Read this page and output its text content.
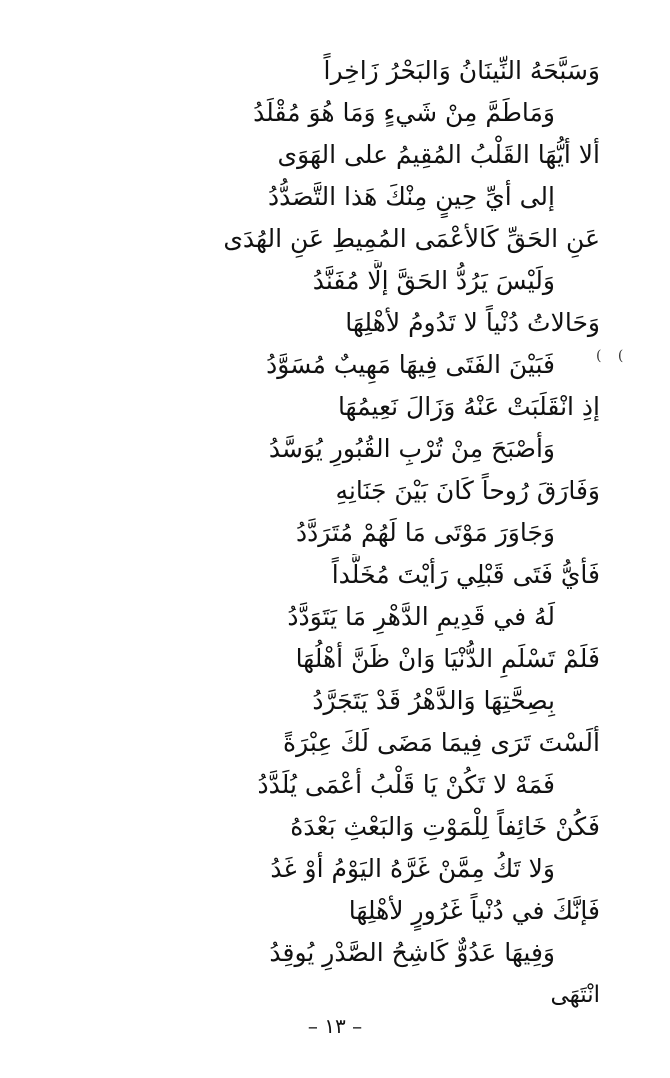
وَسَبَّحَهُ النِّينَانُ وَالبَحْرُ زَاخِراً
وَمَاطَمَّ مِنْ شَيءٍ وَمَا هُوَ مُقْلَدُ
ألا أيُّهَا القَلْبُ المُقِيمُ على الهَوَى
إلى أيِّ حِينٍ مِنْكَ هَذا التَّصَدُّدُ
عَنِ الحَقِّ كَالأعْمَى المُمِيطِ عَنِ الهُدَى
وَلَيْسَ يَرُدُّ الحَقَّ إلَّا مُفَنَّدُ
وَحَالاتُ دُنْياً لا تَدُومُ لأهْلِهَا
فَبَيْنَ الفَتَى فِيهَا مَهِيبٌ مُسَوَّدُ
إذِ انْقَلَبَتْ عَنْهُ وَزَالَ نَعِيمُهَا
وَأصْبَحَ مِنْ تُرْبِ القُبُورِ يُوَسَّدُ
وَفَارَقَ رُوحاً كَانَ بَيْنَ جَنَانِهِ
وَجَاوَرَ مَوْتَى مَا لَهُمْ مُتَرَدَّدُ
فَأيُّ فَتَى قَبْلِي رَأيْتَ مُخَلَّداً
لَهُ في قَدِيمِ الدَّهْرِ مَا يَتَوَدَّدُ
فَلَمْ تَسْلَمِ الدُّنْيَا وَانْ ظَنَّ أهْلُهَا
بِصِحَّتِهَا وَالدَّهْرُ قَدْ يَتَجَرَّدُ
ألَسْتَ تَرَى فِيمَا مَضَى لَكَ عِبْرَةً
فَمَهْ لا تَكُنْ يَا قَلْبُ أعْمَى يُلَدَّدُ
فَكُنْ خَائِفاً لِلْمَوْتِ وَالبَعْثِ بَعْدَهُ
وَلا تَكُ مِمَّنْ غَرَّهُ اليَوْمُ أوْ غَدُ
فَإنَّكَ في دُنْياً غَرُورٍ لأهْلِهَا
وَفِيهَا عَدُوٌّ كَاشِحُ الصَّدْرِ يُوقِدُ
انْتَهَى
( (
– ١٣ –
